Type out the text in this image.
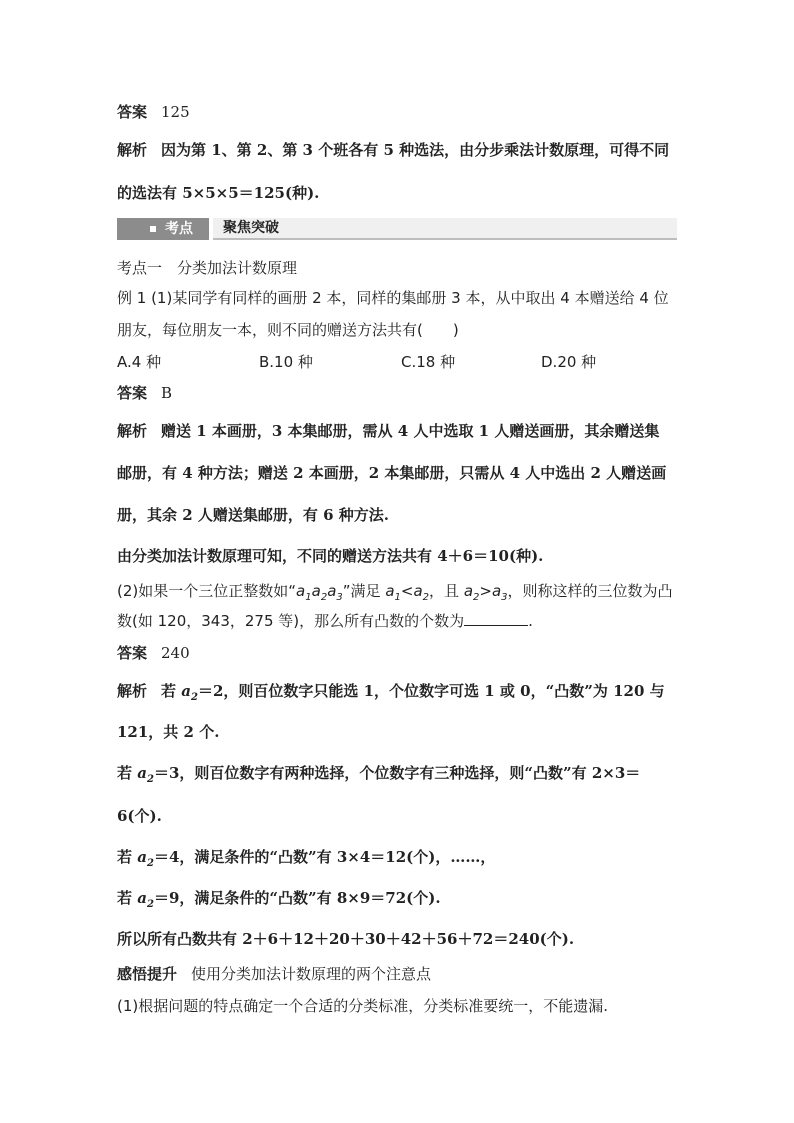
答案 125
解析 因为第 1、第 2、第 3 个班各有 5 种选法，由分步乘法计数原理，可得不同
的选法有 5×5×5＝125(种).
考点 聚焦突破
考点一　分类加法计数原理
例 1 (1)某同学有同样的画册 2 本，同样的集邮册 3 本，从中取出 4 本赠送给 4 位
朋友，每位朋友一本，则不同的赠送方法共有(　　)
A.4 种	B.10 种	C.18 种	D.20 种
答案 B
解析 赠送 1 本画册，3 本集邮册，需从 4 人中选取 1 人赠送画册，其余赠送集
邮册，有 4 种方法；赠送 2 本画册，2 本集邮册，只需从 4 人中选出 2 人赠送画
册，其余 2 人赠送集邮册，有 6 种方法.
由分类加法计数原理可知，不同的赠送方法共有 4＋6＝10(种).
(2)如果一个三位正整数如“$a_1a_2a_3$”满足 $a_1<a_2$，且 $a_2>a_3$，则称这样的三位数为凸
数(如 120，343，275 等)，那么所有凸数的个数为	.
答案 240
解析 若 $a_2=2$，则百位数字只能选 1，个位数字可选 1 或 0，“凸数”为 120 与
121，共 2 个.
若 $a_2=3$，则百位数字有两种选择，个位数字有三种选择，则“凸数”有 2×3＝
6(个).
若 $a_2=4$，满足条件的“凸数”有 3×4＝12(个)，……，
若 $a_2=9$，满足条件的“凸数”有 8×9＝72(个).
所以所有凸数共有 2＋6＋12＋20＋30＋42＋56＋72＝240(个).
感悟提升 使用分类加法计数原理的两个注意点
(1)根据问题的特点确定一个合适的分类标准，分类标准要统一，不能遗漏.
